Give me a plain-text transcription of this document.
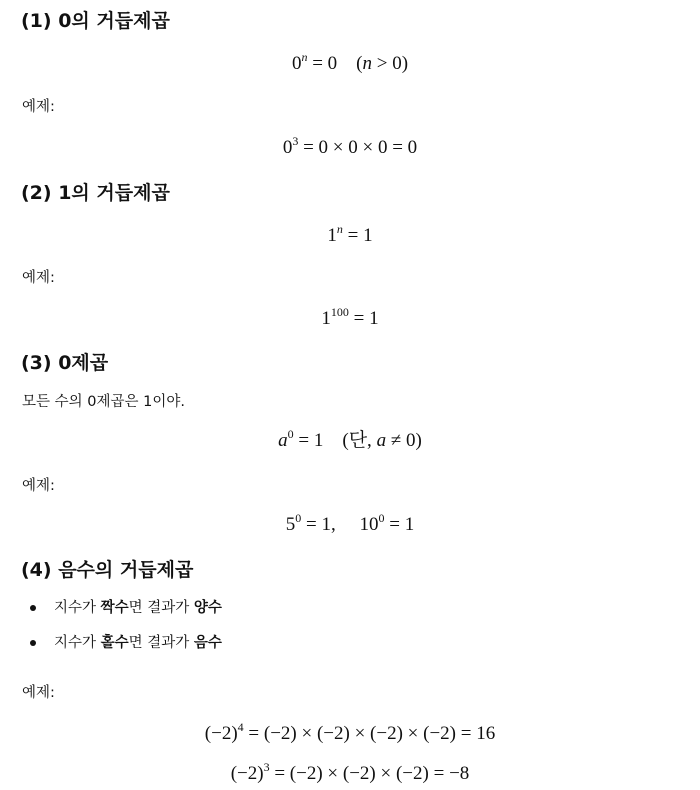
(1) 0의 거듭제곱

$0^n = 0$    (n > 0)

예제:

$0^3 = 0 \times 0 \times 0 = 0$

(2) 1의 거듭제곱

$1^n = 1$

예제:

$1^{100} = 1$

(3) 0제곱

모든 수의 0제곱은 1이야.

$a^0 = 1$    (단, a ≠ 0)

예제:

$5^0 = 1$,     $10^0 = 1$

(4) 음수의 거듭제곱
지수가 짝수면 결과가 양수
지수가 홀수면 결과가 음수

예제:

$(-2)^4 = (-2) \times (-2) \times (-2) \times (-2) = 16$

$(-2)^3 = (-2) \times (-2) \times (-2) = -8$
